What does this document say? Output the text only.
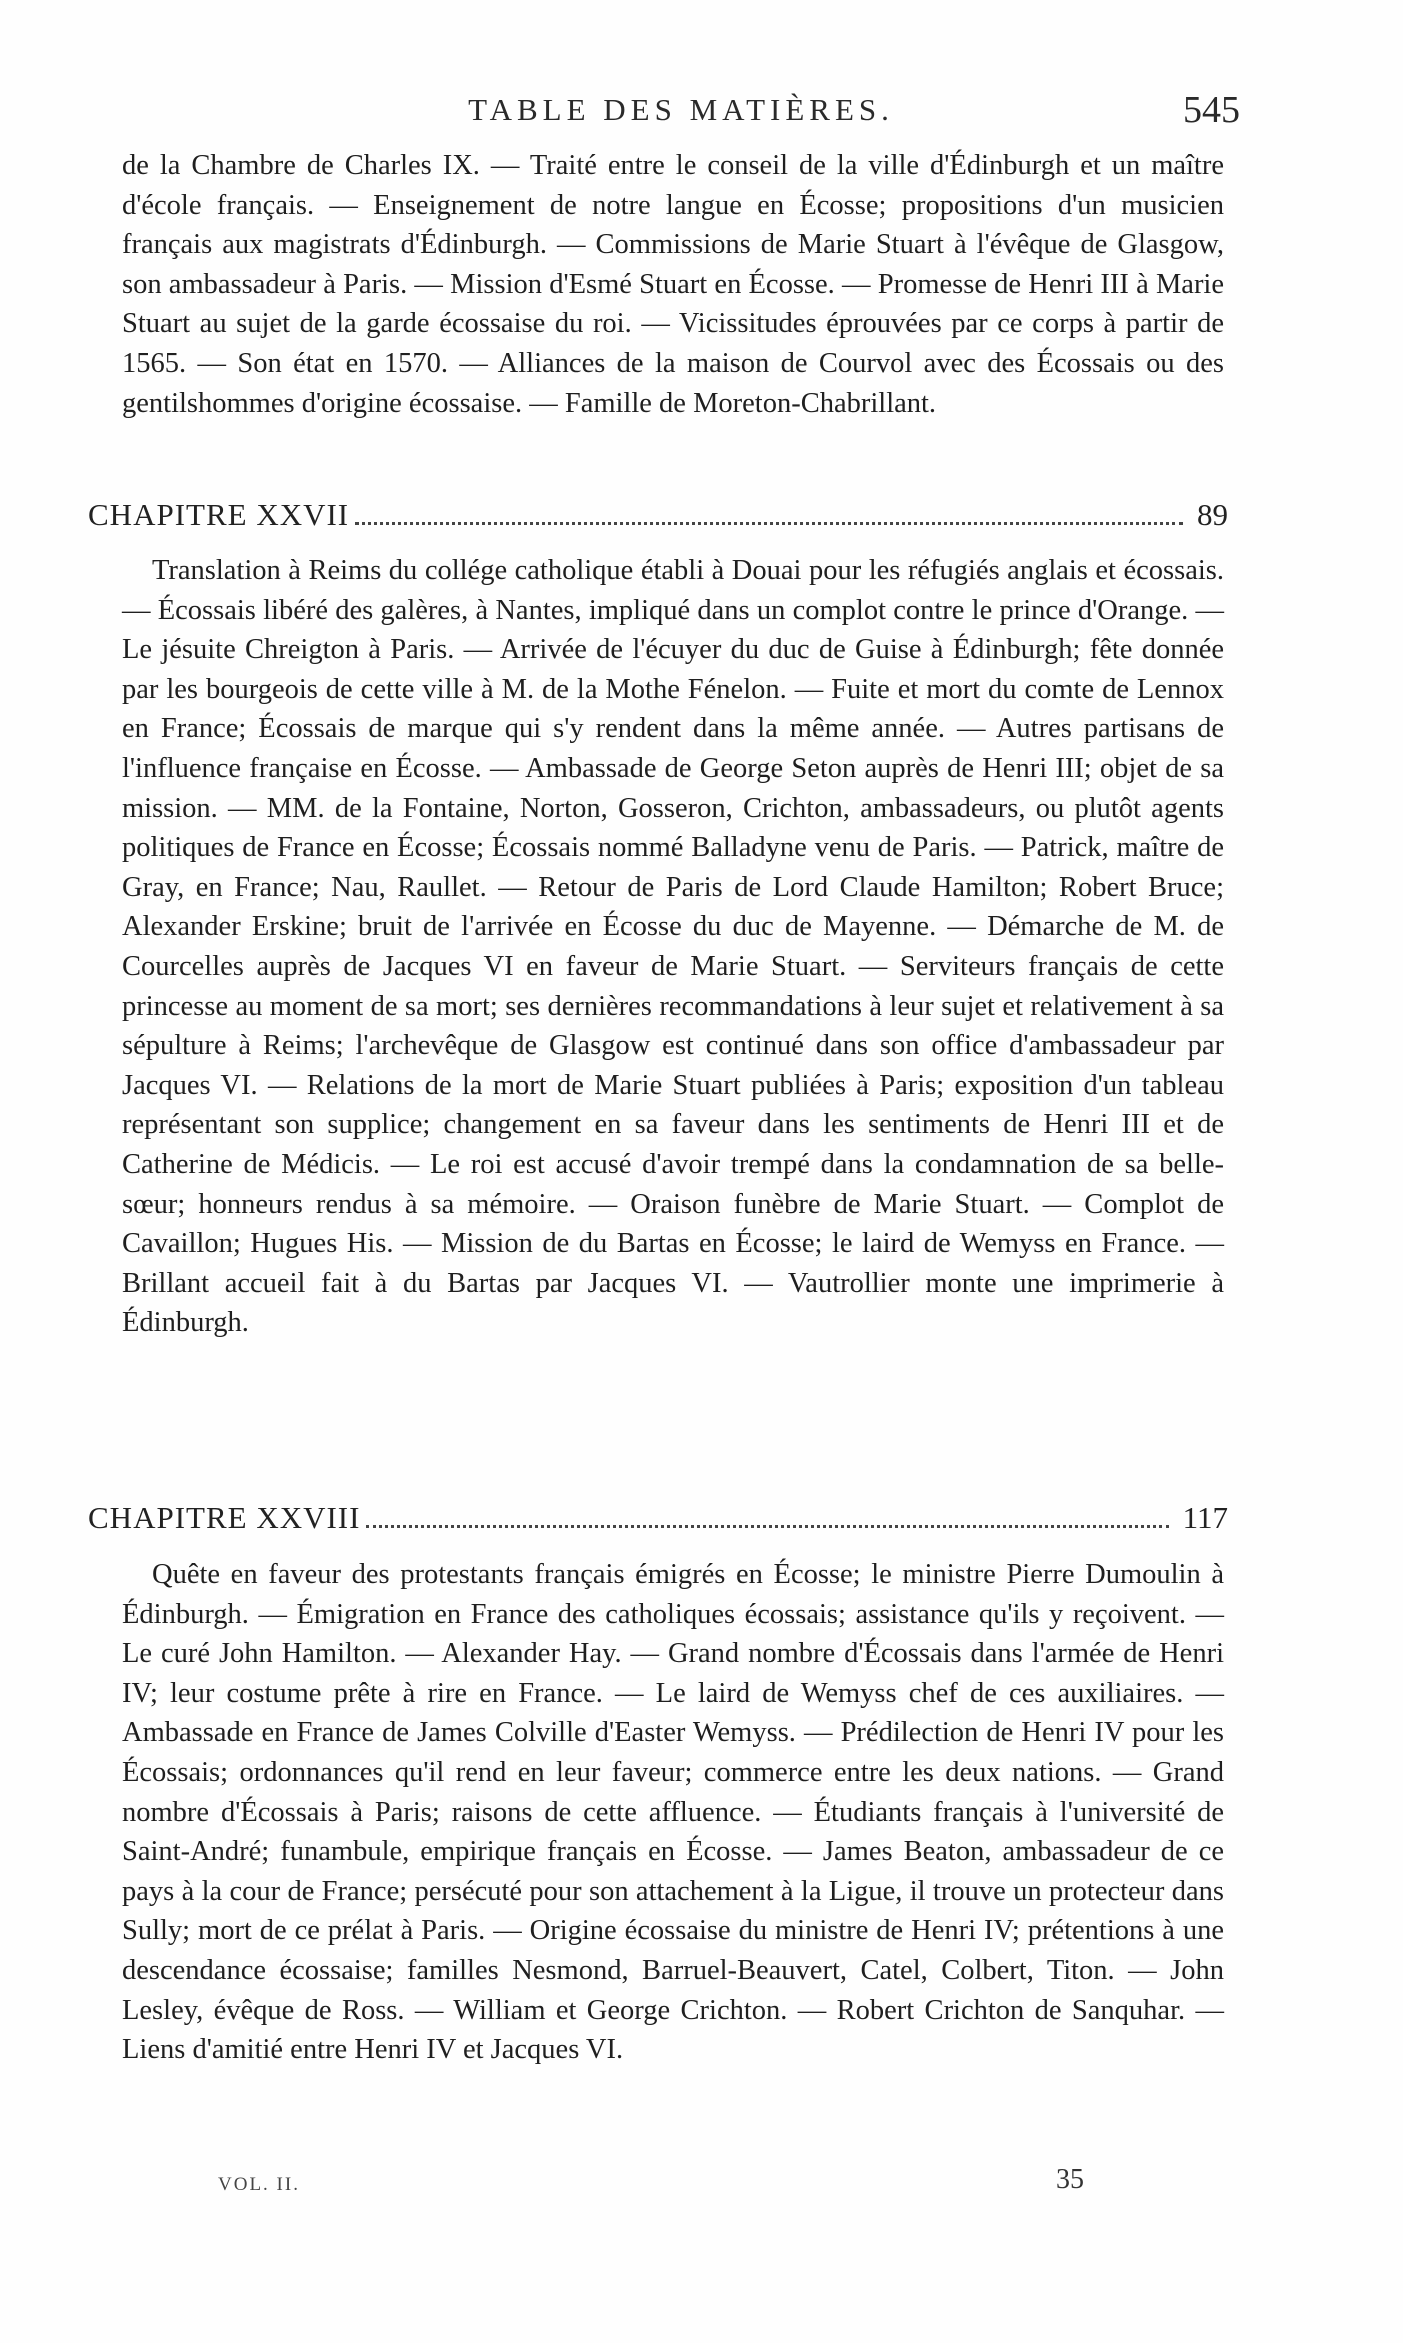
TABLE DES MATIÈRES.	545

de la Chambre de Charles IX. — Traité entre le conseil de la ville d'Édinburgh et un maître d'école français. — Enseignement de notre langue en Écosse; propositions d'un musicien français aux magistrats d'Édinburgh. — Commissions de Marie Stuart à l'évêque de Glasgow, son ambassadeur à Paris. — Mission d'Esmé Stuart en Écosse. — Promesse de Henri III à Marie Stuart au sujet de la garde écossaise du roi. — Vicissitudes éprouvées par ce corps à partir de 1565. — Son état en 1570. — Alliances de la maison de Courvol avec des Écossais ou des gentilshommes d'origine écossaise. — Famille de Moreton-Chabrillant.

CHAPITRE XXVII	89

Translation à Reims du collége catholique établi à Douai pour les réfugiés anglais et écossais. — Écossais libéré des galères, à Nantes, impliqué dans un complot contre le prince d'Orange. — Le jésuite Chreigton à Paris. — Arrivée de l'écuyer du duc de Guise à Édinburgh; fête donnée par les bourgeois de cette ville à M. de la Mothe Fénelon. — Fuite et mort du comte de Lennox en France; Écossais de marque qui s'y rendent dans la même année. — Autres partisans de l'influence française en Écosse. — Ambassade de George Seton auprès de Henri III; objet de sa mission. — MM. de la Fontaine, Norton, Gosseron, Crichton, ambassadeurs, ou plutôt agents politiques de France en Écosse; Écossais nommé Balladyne venu de Paris. — Patrick, maître de Gray, en France; Nau, Raullet. — Retour de Paris de Lord Claude Hamilton; Robert Bruce; Alexander Erskine; bruit de l'arrivée en Écosse du duc de Mayenne. — Démarche de M. de Courcelles auprès de Jacques VI en faveur de Marie Stuart. — Serviteurs français de cette princesse au moment de sa mort; ses dernières recommandations à leur sujet et relativement à sa sépulture à Reims; l'archevêque de Glasgow est continué dans son office d'ambassadeur par Jacques VI. — Relations de la mort de Marie Stuart publiées à Paris; exposition d'un tableau représentant son supplice; changement en sa faveur dans les sentiments de Henri III et de Catherine de Médicis. — Le roi est accusé d'avoir trempé dans la condamnation de sa belle-sœur; honneurs rendus à sa mémoire. — Oraison funèbre de Marie Stuart. — Complot de Cavaillon; Hugues His. — Mission de du Bartas en Écosse; le laird de Wemyss en France. — Brillant accueil fait à du Bartas par Jacques VI. — Vautrollier monte une imprimerie à Édinburgh.

CHAPITRE XXVIII	117

Quête en faveur des protestants français émigrés en Écosse; le ministre Pierre Dumoulin à Édinburgh. — Émigration en France des catholiques écossais; assistance qu'ils y reçoivent. — Le curé John Hamilton. — Alexander Hay. — Grand nombre d'Écossais dans l'armée de Henri IV; leur costume prête à rire en France. — Le laird de Wemyss chef de ces auxiliaires. — Ambassade en France de James Colville d'Easter Wemyss. — Prédilection de Henri IV pour les Écossais; ordonnances qu'il rend en leur faveur; commerce entre les deux nations. — Grand nombre d'Écossais à Paris; raisons de cette affluence. — Étudiants français à l'université de Saint-André; funambule, empirique français en Écosse. — James Beaton, ambassadeur de ce pays à la cour de France; persécuté pour son attachement à la Ligue, il trouve un protecteur dans Sully; mort de ce prélat à Paris. — Origine écossaise du ministre de Henri IV; prétentions à une descendance écossaise; familles Nesmond, Barruel-Beauvert, Catel, Colbert, Titon. — John Lesley, évêque de Ross. — William et George Crichton. — Robert Crichton de Sanquhar. — Liens d'amitié entre Henri IV et Jacques VI.

VOL. II.	35
